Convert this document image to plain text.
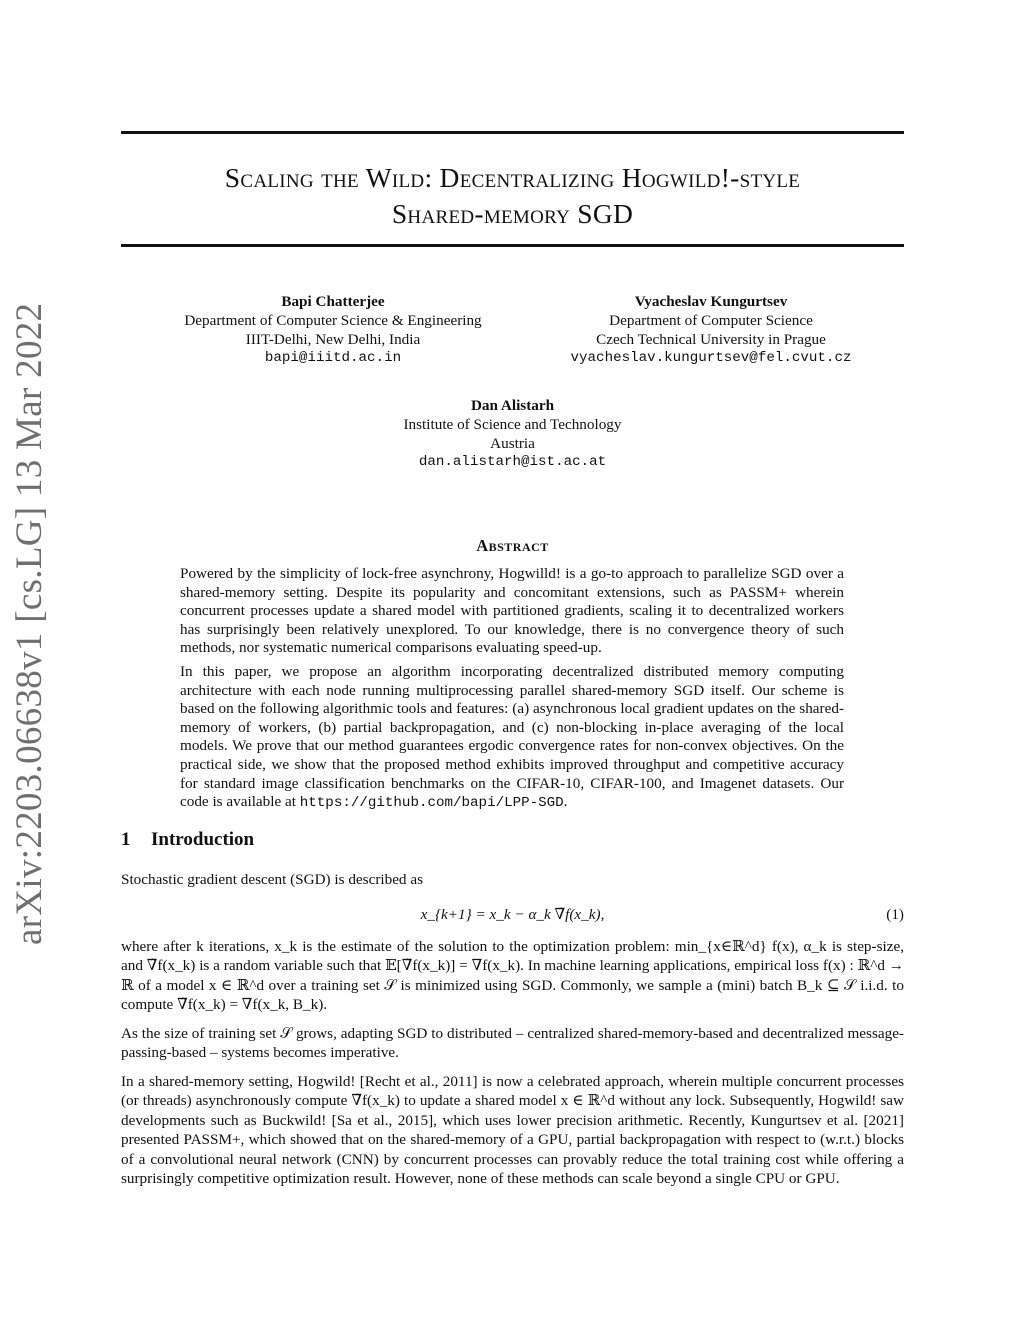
arXiv:2203.06638v1 [cs.LG] 13 Mar 2022
Scaling the Wild: Decentralizing Hogwild!-style
Shared-memory SGD
Bapi Chatterjee
Department of Computer Science & Engineering
IIIT-Delhi, New Delhi, India
bapi@iiitd.ac.in
Vyacheslav Kungurtsev
Department of Computer Science
Czech Technical University in Prague
vyacheslav.kungurtsev@fel.cvut.cz
Dan Alistarh
Institute of Science and Technology
Austria
dan.alistarh@ist.ac.at
Abstract

Powered by the simplicity of lock-free asynchrony, Hogwilld! is a go-to approach to parallelize SGD over a shared-memory setting. Despite its popularity and concomitant extensions, such as PASSM+ wherein concurrent processes update a shared model with partitioned gradients, scaling it to decentralized workers has surprisingly been relatively unexplored. To our knowledge, there is no convergence theory of such methods, nor systematic numerical comparisons evaluating speed-up.

In this paper, we propose an algorithm incorporating decentralized distributed memory computing architecture with each node running multiprocessing parallel shared-memory SGD itself. Our scheme is based on the following algorithmic tools and features: (a) asynchronous local gradient updates on the shared-memory of workers, (b) partial backpropagation, and (c) non-blocking in-place averaging of the local models. We prove that our method guarantees ergodic convergence rates for non-convex objectives. On the practical side, we show that the proposed method exhibits improved throughput and competitive accuracy for standard image classification benchmarks on the CIFAR-10, CIFAR-100, and Imagenet datasets. Our code is available at https://github.com/bapi/LPP-SGD.

1 Introduction

Stochastic gradient descent (SGD) is described as

x_{k+1} = x_k − α_k ∇̃f(x_k),	(1)

where after k iterations, x_k is the estimate of the solution to the optimization problem: min_{x∈ℝ^d} f(x), α_k is step-size, and ∇̃f(x_k) is a random variable such that 𝔼[∇̃f(x_k)] = ∇f(x_k). In machine learning applications, empirical loss f(x) : ℝ^d → ℝ of a model x ∈ ℝ^d over a training set 𝒮 is minimized using SGD. Commonly, we sample a (mini) batch B_k ⊆ 𝒮 i.i.d. to compute ∇̃f(x_k) = ∇f(x_k, B_k).

As the size of training set 𝒮 grows, adapting SGD to distributed – centralized shared-memory-based and decentralized message-passing-based – systems becomes imperative.

In a shared-memory setting, Hogwild! [Recht et al., 2011] is now a celebrated approach, wherein multiple concurrent processes (or threads) asynchronously compute ∇̃f(x_k) to update a shared model x ∈ ℝ^d without any lock. Subsequently, Hogwild! saw developments such as Buckwild! [Sa et al., 2015], which uses lower precision arithmetic. Recently, Kungurtsev et al. [2021] presented PASSM+, which showed that on the shared-memory of a GPU, partial backpropagation with respect to (w.r.t.) blocks of a convolutional neural network (CNN) by concurrent processes can provably reduce the total training cost while offering a surprisingly competitive optimization result. However, none of these methods can scale beyond a single CPU or GPU.
